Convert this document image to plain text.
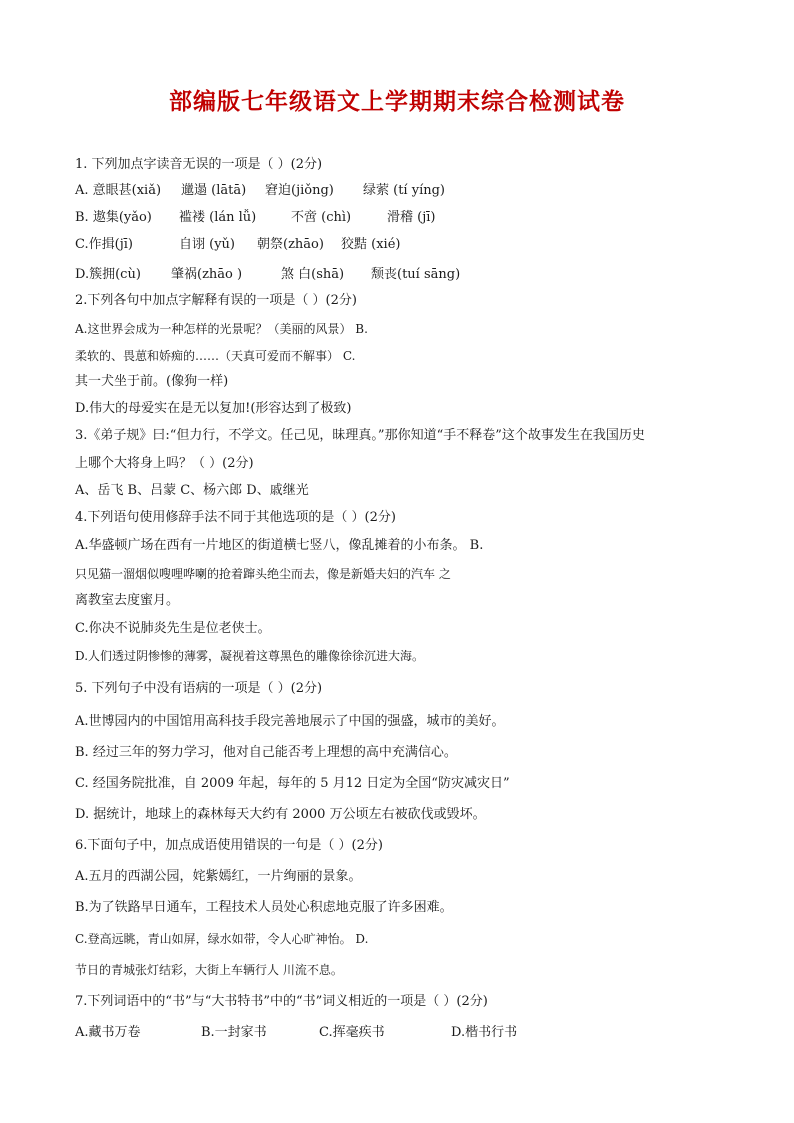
部编版七年级语文上学期期末综合检测试卷
1. 下列加点字读音无误的一项是（ ）(2分)
A. 意眼甚(xiǎ) 邋遢 (lātā) 窘迫(jiǒng) 绿萦 (tí yíng)
B. 遨集(yǎo) 褴褛 (lán lǚ)	不啻 (chì)	滑稽 (jī)
C.作揖(jī)	自诩 (yǔ) 朝祭(zhāo) 狡黠 (xié)
D.簇拥(cù) 肇祸(zhāo )	煞 白(shā) 颓丧(tuí sāng)
2.下列各句中加点字解释有误的一项是（ ）(2分)
A.这世界会成为一种怎样的光景呢？（美丽的风景） B.
柔软的、畏葸和娇痴的……（天真可爱而不解事） C.
其一犬坐于前。(像狗一样)
D.伟大的母爱实在是无以复加!(形容达到了极致)
3.《弟子规》曰:“但力行，不学文。任己见，昧理真。”那你知道“手不释卷”这个故事发生在我国历史
上哪个大将身上吗？（ ）(2分)
A、岳飞 B、吕蒙 C、杨六郎 D、戚继光
4.下列语句使用修辞手法不同于其他选项的是（ ）(2分)
A.华盛顿广场在西有一片地区的街道横七竖八，像乱摊着的小布条。 B.
只见猫一溜烟似嗖哩哗喇的抢着蹿头绝尘而去，像是新婚夫妇的汽车 之
离教室去度蜜月。
C.你决不说肺炎先生是位老侠士。
D.人们透过阴惨惨的薄雾，凝视着这尊黑色的雕像徐徐沉进大海。
5. 下列句子中没有语病的一项是（ ）(2分)
A.世博园内的中国馆用高科技手段完善地展示了中国的强盛，城市的美好。
B. 经过三年的努力学习，他对自己能否考上理想的高中充满信心。
C. 经国务院批准，自 2009 年起，每年的 5 月12 日定为全国“防灾减灾日”
D. 据统计，地球上的森林每天大约有 2000 万公顷左右被砍伐或毁坏。
6.下面句子中，加点成语使用错误的一句是（ ）(2分)
A.五月的西湖公园，姹紫嫣红，一片绚丽的景象。
B.为了铁路早日通车，工程技术人员处心积虑地克服了许多困难。
C.登高远眺，青山如屏，绿水如带，令人心旷神怡。 D.
节日的青城张灯结彩，大街上车辆行人 川流不息。
7.下列词语中的“书”与“大书特书”中的“书”词义相近的一项是（ ）(2分)
A.藏书万卷	B.一封家书	C.挥毫疾书	D.楷书行书
